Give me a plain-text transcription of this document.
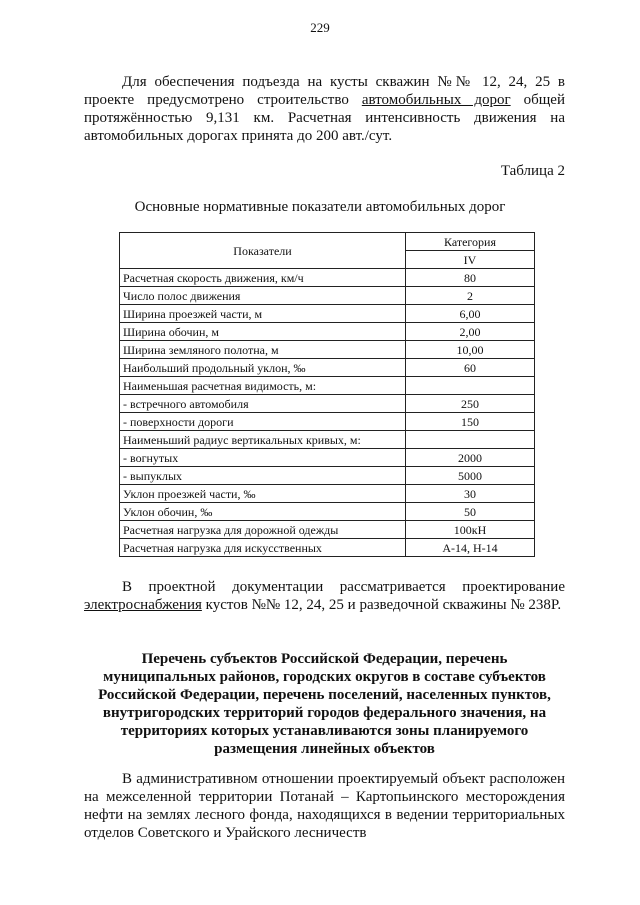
229

Для обеспечения подъезда на кусты скважин №№ 12, 24, 25 в проекте предусмотрено строительство автомобильных дорог общей протяжённостью 9,131 км. Расчетная интенсивность движения на автомобильных дорогах принята до 200 авт./сут.

Таблица 2
Основные нормативные показатели автомобильных дорог
Показатели	Категория
	IV
Расчетная скорость движения, км/ч	80
Число полос движения	2
Ширина проезжей части, м	6,00
Ширина обочин, м	2,00
Ширина земляного полотна, м	10,00
Наибольший продольный уклон, ‰	60
Наименьшая расчетная видимость, м:	
- встречного автомобиля	250
- поверхности дороги	150
Наименьший радиус вертикальных кривых, м:	
- вогнутых	2000
- выпуклых	5000
Уклон проезжей части, ‰	30
Уклон обочин, ‰	50
Расчетная нагрузка для дорожной одежды	100кН
Расчетная нагрузка для искусственных	А-14, Н-14

В проектной документации рассматривается проектирование электроснабжения кустов №№ 12, 24, 25 и разведочной скважины № 238Р.

Перечень субъектов Российской Федерации, перечень
муниципальных районов, городских округов в составе субъектов
Российской Федерации, перечень поселений, населенных пунктов,
внутригородских территорий городов федерального значения, на
территориях которых устанавливаются зоны планируемого
размещения линейных объектов

В административном отношении проектируемый объект расположен на межселенной территории Потанай – Картопьинского месторождения нефти на землях лесного фонда, находящихся в ведении территориальных отделов Советского и Урайского лесничеств
